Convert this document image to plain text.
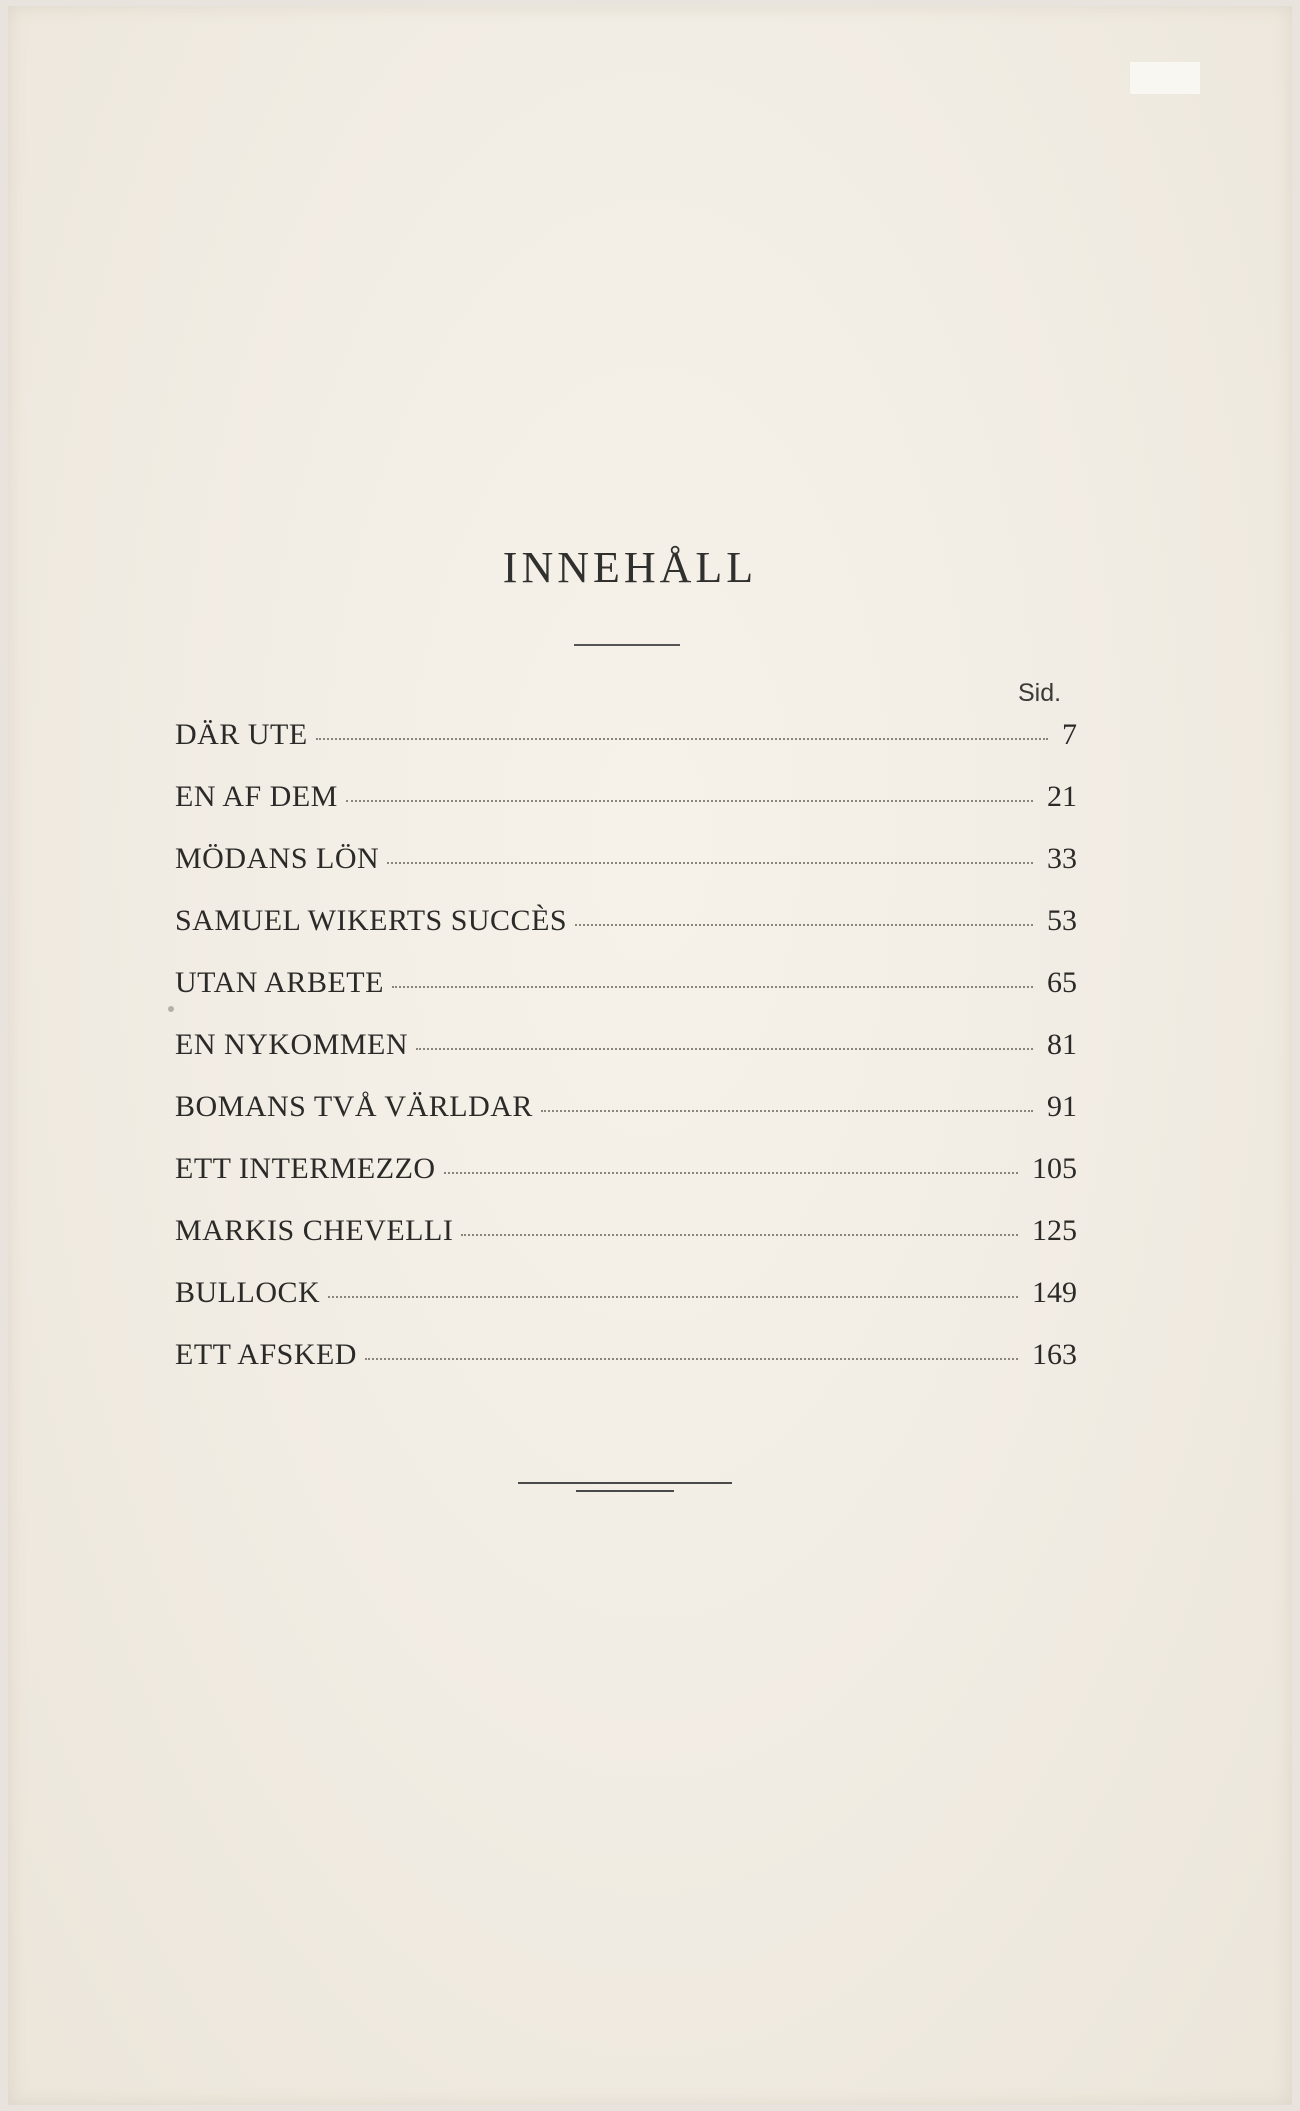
INNEHÅLL
Sid.
DÄR UTE	7
EN AF DEM	21
MÖDANS LÖN	33
SAMUEL WIKERTS SUCCÈS	53
UTAN ARBETE	65
EN NYKOMMEN	81
BOMANS TVÅ VÄRLDAR	91
ETT INTERMEZZO	105
MARKIS CHEVELLI	125
BULLOCK	149
ETT AFSKED	163
